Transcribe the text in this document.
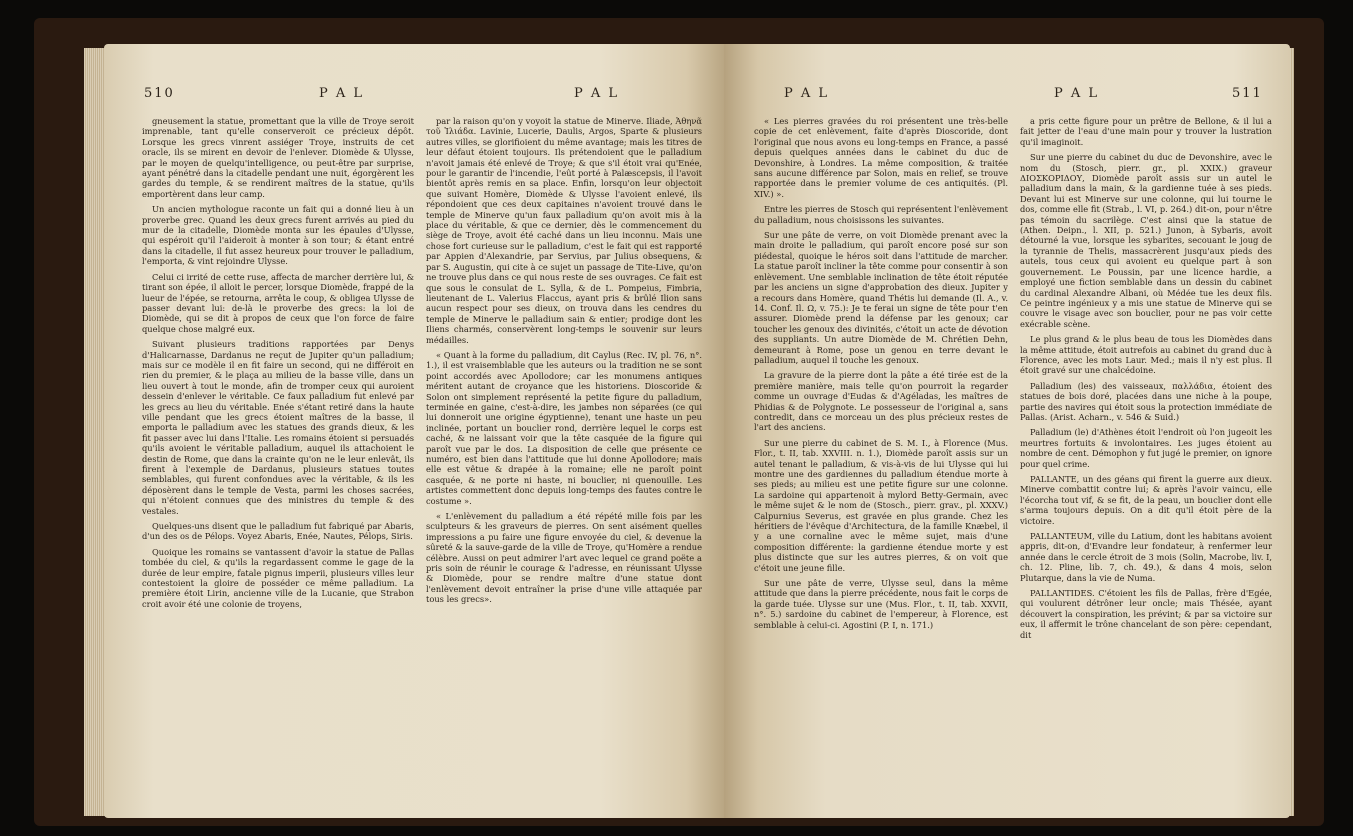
510	P A L	P A L

gneusement la statue, promettant que la ville de Troye seroit imprenable, tant qu'elle conserveroit ce précieux dépôt. Lorsque les grecs vinrent assiéger Troye, instruits de cet oracle, ils se mirent en devoir de l'enlever. Diomède & Ulysse, par le moyen de quelqu'intelligence, ou peut-être par surprise, ayant pénétré dans la citadelle pendant une nuit, égorgèrent les gardes du temple, & se rendirent maîtres de la statue, qu'ils emportèrent dans leur camp.

Un ancien mythologue raconte un fait qui a donné lieu à un proverbe grec. Quand les deux grecs furent arrivés au pied du mur de la citadelle, Diomède monta sur les épaules d'Ulysse, qui espéroit qu'il l'aideroit à monter à son tour; & étant entré dans la citadelle, il fut assez heureux pour trouver le palladium, l'emporta, & vint rejoindre Ulysse.

Celui ci irrité de cette ruse, affecta de marcher derrière lui, & tirant son épée, il alloit le percer, lorsque Diomède, frappé de la lueur de l'épée, se retourna, arrêta le coup, & obligea Ulysse de passer devant lui: de-là le proverbe des grecs: la loi de Diomède, qui se dit à propos de ceux que l'on force de faire quelque chose malgré eux.

Suivant plusieurs traditions rapportées par Denys d'Halicarnasse, Dardanus ne reçut de Jupiter qu'un palladium; mais sur ce modèle il en fit faire un second, qui ne différoit en rien du premier, & le plaça au milieu de la basse ville, dans un lieu ouvert à tout le monde, afin de tromper ceux qui auroient dessein d'enlever le véritable. Ce faux palladium fut enlevé par les grecs au lieu du véritable. Enée s'étant retiré dans la haute ville pendant que les grecs étoient maîtres de la basse, il emporta le palladium avec les statues des grands dieux, & les fit passer avec lui dans l'Italie. Les romains étoient si persuadés qu'ils avoient le véritable palladium, auquel ils attachoient le destin de Rome, que dans la crainte qu'on ne le leur enlevât, ils firent à l'exemple de Dardanus, plusieurs statues toutes semblables, qui furent confondues avec la véritable, & ils les déposèrent dans le temple de Vesta, parmi les choses sacrées, qui n'étoient connues que des ministres du temple & des vestales.

Quelques-uns disent que le palladium fut fabriqué par Abaris, d'un des os de Pélops. Voyez Abaris, Enée, Nautes, Pélops, Siris.

Quoique les romains se vantassent d'avoir la statue de Pallas tombée du ciel, & qu'ils la regardassent comme le gage de la durée de leur empire, fatale pignus imperii, plusieurs villes leur contestoient la gloire de posséder ce même palladium. La première étoit Lirin, ancienne ville de la Lucanie, que Strabon croit avoir été une colonie de troyens,

par la raison qu'on y voyoit la statue de Minerve. Iliade, Ἀθηνᾶ τοῦ Ἰλιάδα. Lavinie, Lucerie, Daulis, Argos, Sparte & plusieurs autres villes, se glorifioient du même avantage; mais les titres de leur défaut étoient toujours. Ils prétendoient que le palladium n'avoit jamais été enlevé de Troye; & que s'il étoit vrai qu'Enée, pour le garantir de l'incendie, l'eût porté à Palæscepsis, il l'avoit bientôt après remis en sa place. Enfin, lorsqu'on leur objectoit que suivant Homère, Diomède & Ulysse l'avoient enlevé, ils répondoient que ces deux capitaines n'avoient trouvé dans le temple de Minerve qu'un faux palladium qu'on avoit mis à la place du véritable, & que ce dernier, dès le commencement du siège de Troye, avoit été caché dans un lieu inconnu. Mais une chose fort curieuse sur le palladium, c'est le fait qui est rapporté par Appien d'Alexandrie, par Servius, par Julius obsequens, & par S. Augustin, qui cite à ce sujet un passage de Tite-Live, qu'on ne trouve plus dans ce qui nous reste de ses ouvrages. Ce fait est que sous le consulat de L. Sylla, & de L. Pompeius, Fimbria, lieutenant de L. Valerius Flaccus, ayant pris & brûlé Ilion sans aucun respect pour ses dieux, on trouva dans les cendres du temple de Minerve le palladium sain & entier; prodige dont les Iliens charmés, conservèrent long-temps le souvenir sur leurs médailles.

« Quant à la forme du palladium, dit Caylus (Rec. IV, pl. 76, n°. 1.), il est vraisemblable que les auteurs ou la tradition ne se sont point accordés avec Apollodore; car les monumens antiques méritent autant de croyance que les historiens. Dioscoride & Solon ont simplement représenté la petite figure du palladium, terminée en gaine, c'est-à-dire, les jambes non séparées (ce qui lui donneroit une origine égyptienne), tenant une haste un peu inclinée, portant un bouclier rond, derrière lequel le corps est caché, & ne laissant voir que la tête casquée de la figure qui paroît vue par le dos. La disposition de celle que présente ce numéro, est bien dans l'attitude que lui donne Apollodore; mais elle est vêtue & drapée à la romaine; elle ne paroît point casquée, & ne porte ni haste, ni bouclier, ni quenouille. Les artistes commettent donc depuis long-temps des fautes contre le costume ».

« L'enlèvement du palladium a été répété mille fois par les sculpteurs & les graveurs de pierres. On sent aisément quelles impressions a pu faire une figure envoyée du ciel, & devenue la sûreté & la sauve-garde de la ville de Troye, qu'Homère a rendue célèbre. Aussi on peut admirer l'art avec lequel ce grand poëte a pris soin de réunir le courage & l'adresse, en réunissant Ulysse & Diomède, pour se rendre maître d'une statue dont l'enlèvement devoit entraîner la prise d'une ville attaquée par tous les grecs».

P A L	P A L	511

« Les pierres gravées du roi présentent une très-belle copie de cet enlèvement, faite d'après Dioscoride, dont l'original que nous avons eu long-temps en France, a passé depuis quelques années dans le cabinet du duc de Devonshire, à Londres. La même composition, & traitée sans aucune différence par Solon, mais en relief, se trouve rapportée dans le premier volume de ces antiquités. (Pl. XIV.) ».

Entre les pierres de Stosch qui représentent l'enlèvement du palladium, nous choisissons les suivantes.

Sur une pâte de verre, on voit Diomède prenant avec la main droite le palladium, qui paroît encore posé sur son piédestal, quoique le héros soit dans l'attitude de marcher. La statue paroît incliner la tête comme pour consentir à son enlèvement. Une semblable inclination de tête étoit réputée par les anciens un signe d'approbation des dieux. Jupiter y a recours dans Homère, quand Thétis lui demande (Il. A., v. 14. Conf. Il. Ω, v. 75.): Je te ferai un signe de tête pour t'en assurer. Diomède prend la défense par les genoux; car toucher les genoux des divinités, c'étoit un acte de dévotion des suppliants. Un autre Diomède de M. Chrétien Dehn, demeurant à Rome, pose un genou en terre devant le palladium, auquel il touche les genoux.

La gravure de la pierre dont la pâte a été tirée est de la première manière, mais telle qu'on pourroit la regarder comme un ouvrage d'Eudas & d'Agéladas, les maîtres de Phidias & de Polygnote. Le possesseur de l'original a, sans contredit, dans ce morceau un des plus précieux restes de l'art des anciens.

Sur une pierre du cabinet de S. M. I., à Florence (Mus. Flor., t. II, tab. XXVIII. n. 1.), Diomède paroît assis sur un autel tenant le palladium, & vis-à-vis de lui Ulysse qui lui montre une des gardiennes du palladium étendue morte à ses pieds; au milieu est une petite figure sur une colonne. La sardoine qui appartenoit à mylord Betty-Germain, avec le même sujet & le nom de (Stosch., pierr. grav., pl. XXXV.) Calpurnius Severus, est gravée en plus grande. Chez les héritiers de l'évêque d'Architectura, de la famille Knæbel, il y a une cornaline avec le même sujet, mais d'une composition différente: la gardienne étendue morte y est plus distincte que sur les autres pierres, & on voit que c'étoit une jeune fille.

Sur une pâte de verre, Ulysse seul, dans la même attitude que dans la pierre précédente, nous fait le corps de la garde tuée. Ulysse sur une (Mus. Flor., t. II, tab. XXVII, n°. 5.) sardoine du cabinet de l'empereur, à Florence, est semblable à celui-ci. Agostini (P. I, n. 171.)

a pris cette figure pour un prêtre de Bellone, & il lui a fait jetter de l'eau d'une main pour y trouver la lustration qu'il imaginoit.

Sur une pierre du cabinet du duc de Devonshire, avec le nom du (Stosch, pierr. gr., pl. XXIX.) graveur ΔΙΟΣΚΟΡΙΔΟΥ, Diomède paroît assis sur un autel le palladium dans la main, & la gardienne tuée à ses pieds. Devant lui est Minerve sur une colonne, qui lui tourne le dos, comme elle fit (Strab., l. VI, p. 264.) dit-on, pour n'être pas témoin du sacrilège. C'est ainsi que la statue de (Athen. Deipn., l. XII, p. 521.) Junon, à Sybaris, avoit détourné la vue, lorsque les sybarites, secouant le joug de la tyrannie de Thelis, massacrèrent jusqu'aux pieds des autels, tous ceux qui avoient eu quelque part à son gouvernement. Le Poussin, par une licence hardie, a employé une fiction semblable dans un dessin du cabinet du cardinal Alexandre Albani, où Médée tue les deux fils. Ce peintre ingénieux y a mis une statue de Minerve qui se couvre le visage avec son bouclier, pour ne pas voir cette exécrable scène.

Le plus grand & le plus beau de tous les Diomèdes dans la même attitude, étoit autrefois au cabinet du grand duc à Florence, avec les mots Laur. Med.; mais il n'y est plus. Il étoit gravé sur une chalcédoine.

Palladium (les) des vaisseaux, παλλάδια, étoient des statues de bois doré, placées dans une niche à la poupe, partie des navires qui étoit sous la protection immédiate de Pallas. (Arist. Acharn., v. 546 & Suid.)

Palladium (le) d'Athènes étoit l'endroit où l'on jugeoit les meurtres fortuits & involontaires. Les juges étoient au nombre de cent. Démophon y fut jugé le premier, on ignore pour quel crime.

PALLANTE, un des géans qui firent la guerre aux dieux. Minerve combattit contre lui; & après l'avoir vaincu, elle l'écorcha tout vif, & se fit, de la peau, un bouclier dont elle s'arma toujours depuis. On a dit qu'il étoit père de la victoire.

PALLANTEUM, ville du Latium, dont les habitans avoient appris, dit-on, d'Evandre leur fondateur, à renfermer leur année dans le cercle étroit de 3 mois (Solin, Macrobe, liv. I, ch. 12. Pline, lib. 7, ch. 49.), & dans 4 mois, selon Plutarque, dans la vie de Numa.

PALLANTIDES. C'étoient les fils de Pallas, frère d'Egée, qui voulurent détrôner leur oncle; mais Thésée, ayant découvert la conspiration, les prévint; & par sa victoire sur eux, il affermit le trône chancelant de son père: cependant, dit
